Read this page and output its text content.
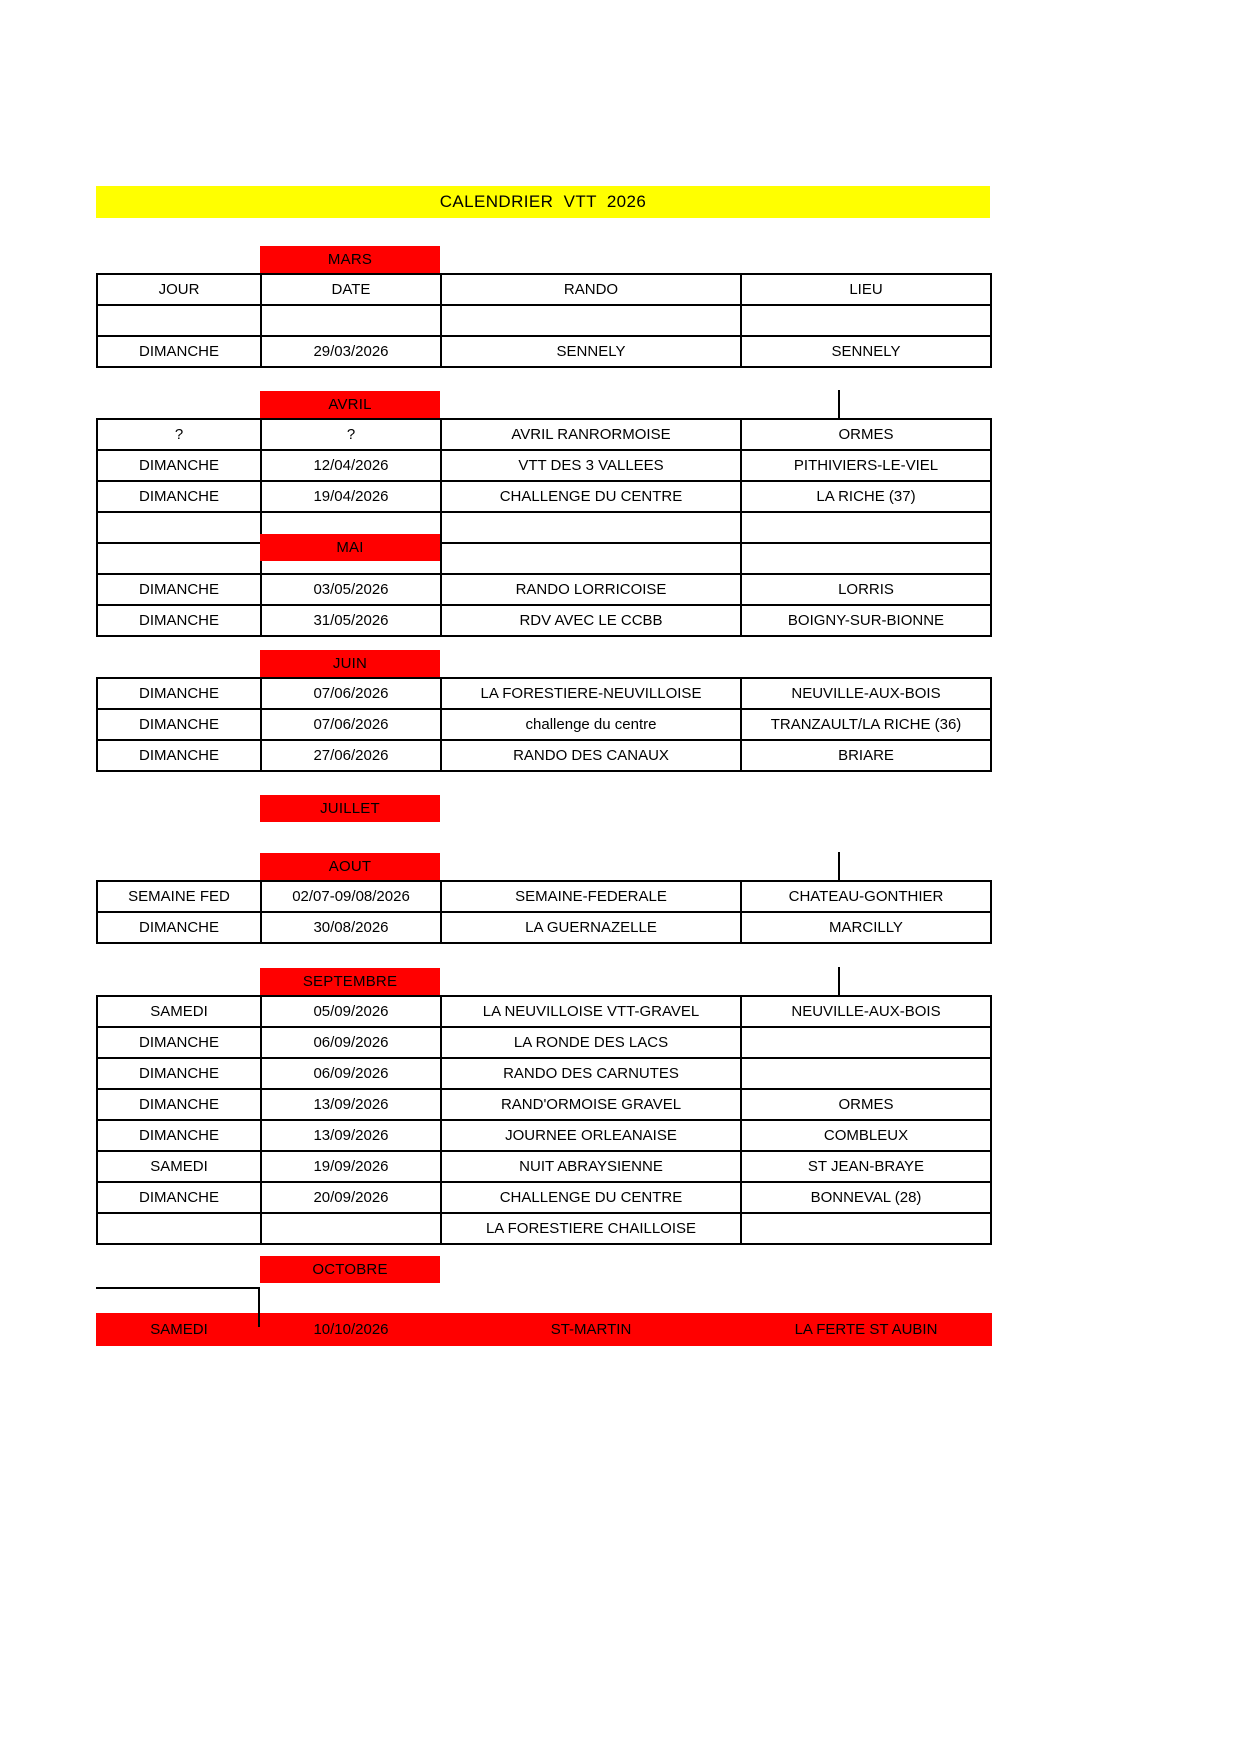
CALENDRIER  VTT  2026
MARS
JOUR	DATE	RANDO	LIEU

DIMANCHE	29/03/2026	SENNELY	SENNELY
AVRIL
?	?	AVRIL RANRORMOISE	ORMES
DIMANCHE	12/04/2026	VTT DES 3 VALLEES	PITHIVIERS-LE-VIEL
DIMANCHE	19/04/2026	CHALLENGE DU CENTRE	LA RICHE (37)

DIMANCHE	03/05/2026	RANDO LORRICOISE	LORRIS
DIMANCHE	31/05/2026	RDV AVEC LE CCBB	BOIGNY-SUR-BIONNE
MAI
JUIN
DIMANCHE	07/06/2026	LA FORESTIERE-NEUVILLOISE	NEUVILLE-AUX-BOIS
DIMANCHE	07/06/2026	challenge du centre	TRANZAULT/LA RICHE (36)
DIMANCHE	27/06/2026	RANDO DES CANAUX	BRIARE
JUILLET
AOUT
SEMAINE FED	02/07-09/08/2026	SEMAINE-FEDERALE	CHATEAU-GONTHIER
DIMANCHE	30/08/2026	LA GUERNAZELLE	MARCILLY
SEPTEMBRE
SAMEDI	05/09/2026	LA NEUVILLOISE VTT-GRAVEL	NEUVILLE-AUX-BOIS
DIMANCHE	06/09/2026	LA RONDE DES LACS	
DIMANCHE	06/09/2026	RANDO DES CARNUTES	
DIMANCHE	13/09/2026	RAND'ORMOISE GRAVEL	ORMES
DIMANCHE	13/09/2026	JOURNEE ORLEANAISE	COMBLEUX
SAMEDI	19/09/2026	NUIT ABRAYSIENNE	ST JEAN-BRAYE
DIMANCHE	20/09/2026	CHALLENGE DU CENTRE	BONNEVAL (28)
		LA FORESTIERE CHAILLOISE	
OCTOBRE
SAMEDI	10/10/2026	ST-MARTIN	LA FERTE ST AUBIN
